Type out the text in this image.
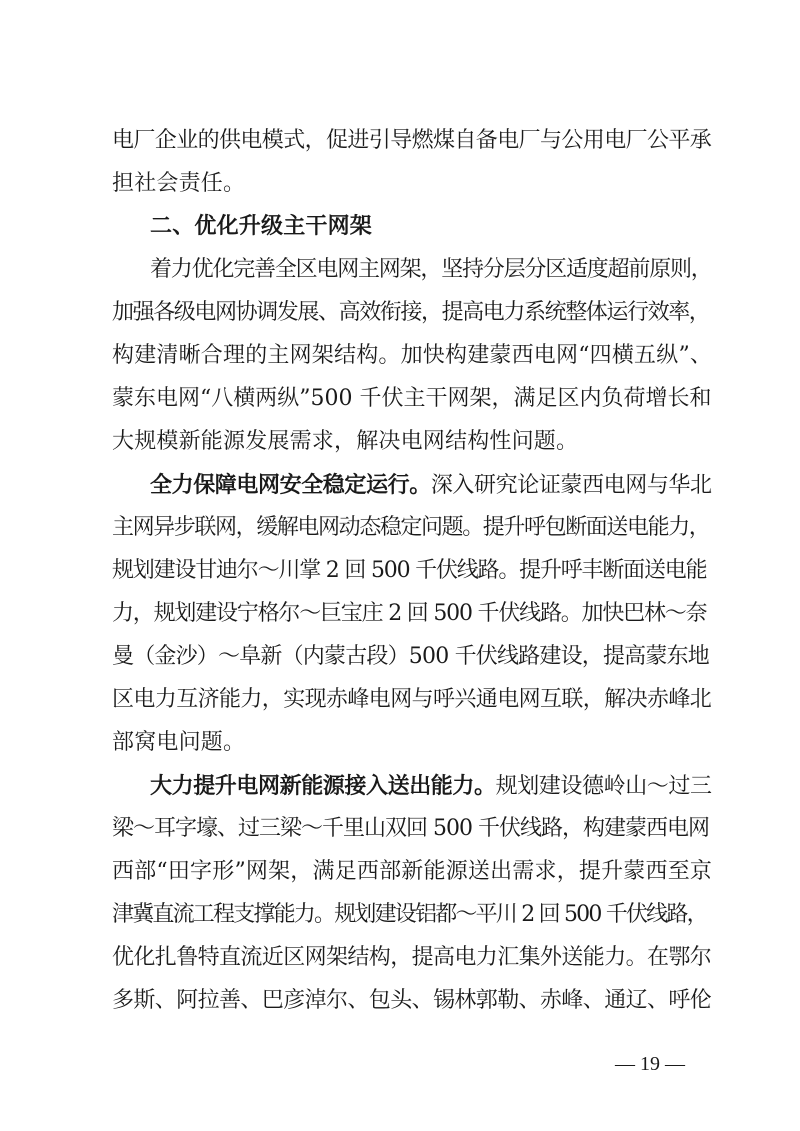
电厂企业的供电模式，促进引导燃煤自备电厂与公用电厂公平承
担社会责任。
二、优化升级主干网架
着力优化完善全区电网主网架，坚持分层分区适度超前原则，
加强各级电网协调发展、高效衔接，提高电力系统整体运行效率，
构建清晰合理的主网架结构。加快构建蒙西电网“四横五纵”、
蒙东电网“八横两纵”500 千伏主干网架，满足区内负荷增长和
大规模新能源发展需求，解决电网结构性问题。
全力保障电网安全稳定运行。深入研究论证蒙西电网与华北
主网异步联网，缓解电网动态稳定问题。提升呼包断面送电能力，
规划建设甘迪尔～川掌 2 回 500 千伏线路。提升呼丰断面送电能
力，规划建设宁格尔～巨宝庄 2 回 500 千伏线路。加快巴林～奈
曼（金沙）～阜新（内蒙古段）500 千伏线路建设，提高蒙东地
区电力互济能力，实现赤峰电网与呼兴通电网互联，解决赤峰北
部窝电问题。
大力提升电网新能源接入送出能力。规划建设德岭山～过三
梁～耳字壕、过三梁～千里山双回 500 千伏线路，构建蒙西电网
西部“田字形”网架，满足西部新能源送出需求，提升蒙西至京
津冀直流工程支撑能力。规划建设铝都～平川 2 回 500 千伏线路，
优化扎鲁特直流近区网架结构，提高电力汇集外送能力。在鄂尔
多斯、阿拉善、巴彦淖尔、包头、锡林郭勒、赤峰、通辽、呼伦
— 19 —
